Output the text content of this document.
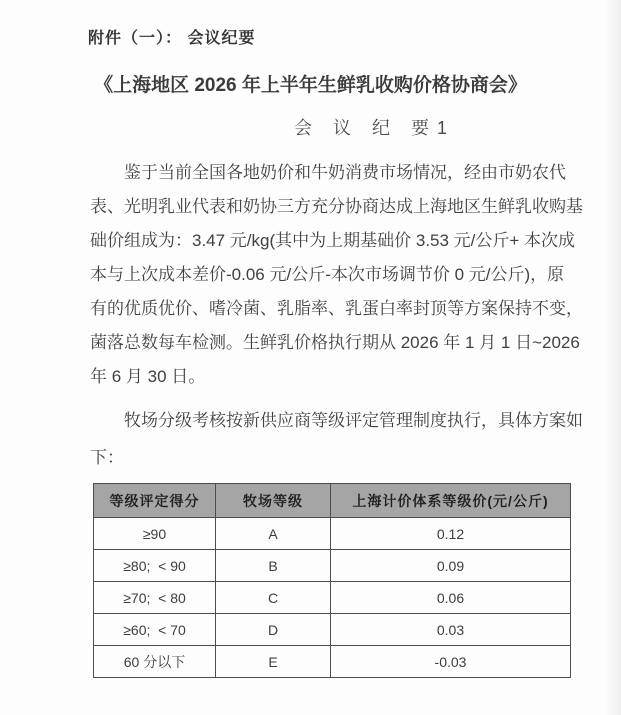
附件（一）： 会议纪要
《上海地区 2026 年上半年生鲜乳收购价格协商会》
会 议 纪 要1
鉴于当前全国各地奶价和牛奶消费市场情况，经由市奶农代
表、光明乳业代表和奶协三方充分协商达成上海地区生鲜乳收购基
础价组成为：3.47 元/kg(其中为上期基础价 3.53 元/公斤+ 本次成
本与上次成本差价-0.06 元/公斤-本次市场调节价 0 元/公斤)，原
有的优质优价、嗜冷菌、乳脂率、乳蛋白率封顶等方案保持不变，
菌落总数每车检测。生鲜乳价格执行期从 2026 年 1 月 1 日~2026
年 6 月 30 日。
牧场分级考核按新供应商等级评定管理制度执行，具体方案如
下：
等级评定得分	牧场等级	上海计价体系等级价(元/公斤)
≥90	A	0.12
≥80;  < 90	B	0.09
≥70;  < 80	C	0.06
≥60;  < 70	D	0.03
60 分以下	E	-0.03
